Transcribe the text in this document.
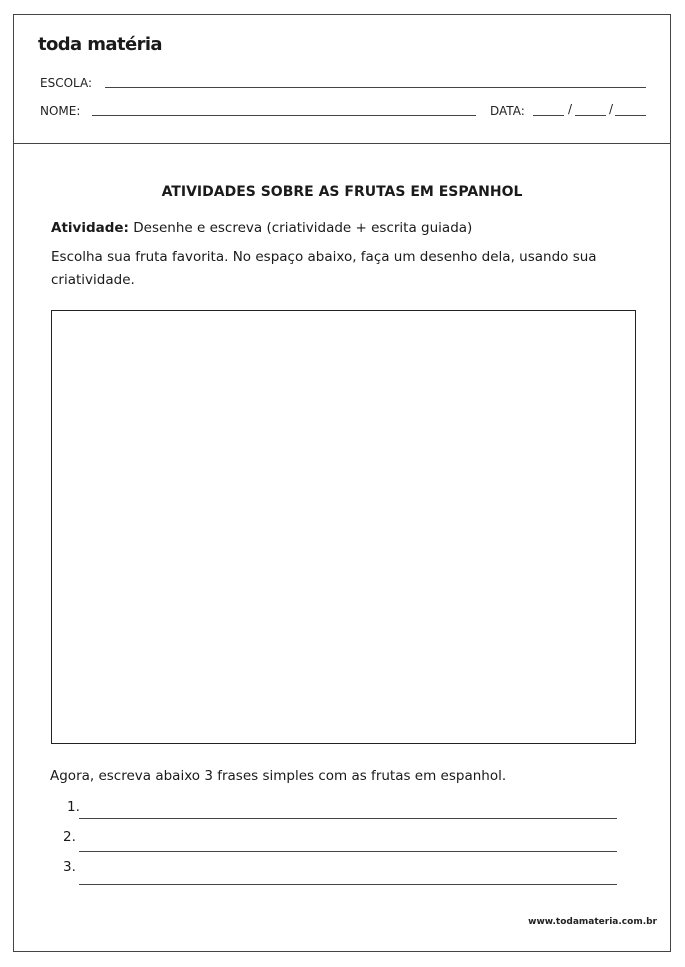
toda matéria
ESCOLA:
NOME:	DATA:	/	/
ATIVIDADES SOBRE AS FRUTAS EM ESPANHOL
Atividade: Desenhe e escreva (criatividade + escrita guiada)
Escolha sua fruta favorita. No espaço abaixo, faça um desenho dela, usando sua criatividade.
Agora, escreva abaixo 3 frases simples com as frutas em espanhol.
1.
2.
3.
www.todamateria.com.br
